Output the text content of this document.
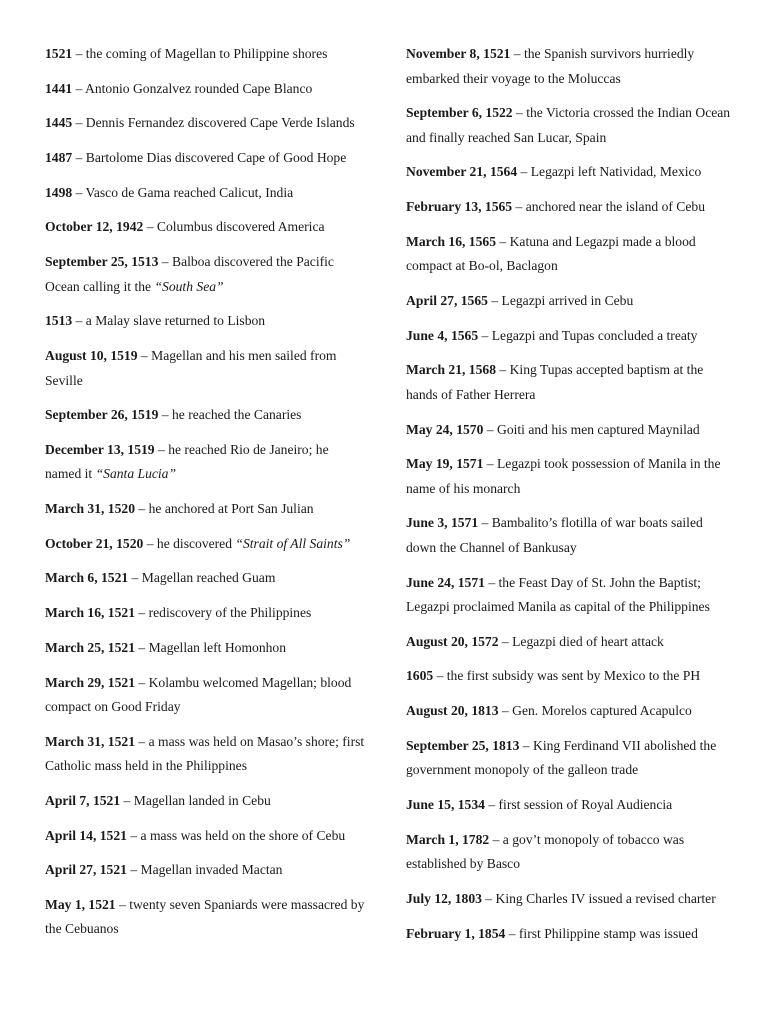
1521 – the coming of Magellan to Philippine shores

1441 – Antonio Gonzalvez rounded Cape Blanco

1445 – Dennis Fernandez discovered Cape Verde Islands

1487 – Bartolome Dias discovered Cape of Good Hope

1498 – Vasco de Gama reached Calicut, India

October 12, 1942 – Columbus discovered America

September 25, 1513 – Balboa discovered the Pacific Ocean calling it the “South Sea”

1513 – a Malay slave returned to Lisbon

August 10, 1519 – Magellan and his men sailed from Seville

September 26, 1519 – he reached the Canaries

December 13, 1519 – he reached Rio de Janeiro; he named it “Santa Lucia”

March 31, 1520 – he anchored at Port San Julian

October 21, 1520 – he discovered “Strait of All Saints”

March 6, 1521 – Magellan reached Guam

March 16, 1521 – rediscovery of the Philippines

March 25, 1521 – Magellan left Homonhon

March 29, 1521 – Kolambu welcomed Magellan; blood compact on Good Friday

March 31, 1521 – a mass was held on Masao’s shore; first Catholic mass held in the Philippines

April 7, 1521 – Magellan landed in Cebu

April 14, 1521 – a mass was held on the shore of Cebu

April 27, 1521 – Magellan invaded Mactan

May 1, 1521 – twenty seven Spaniards were massacred by the Cebuanos

November 8, 1521 – the Spanish survivors hurriedly embarked their voyage to the Moluccas

September 6, 1522 – the Victoria crossed the Indian Ocean and finally reached San Lucar, Spain

November 21, 1564 – Legazpi left Natividad, Mexico

February 13, 1565 – anchored near the island of Cebu

March 16, 1565 – Katuna and Legazpi made a blood compact at Bo-ol, Baclagon

April 27, 1565 – Legazpi arrived in Cebu

June 4, 1565 – Legazpi and Tupas concluded a treaty

March 21, 1568 – King Tupas accepted baptism at the hands of Father Herrera

May 24, 1570 – Goiti and his men captured Maynilad

May 19, 1571 – Legazpi took possession of Manila in the name of his monarch

June 3, 1571 – Bambalito’s flotilla of war boats sailed down the Channel of Bankusay

June 24, 1571 – the Feast Day of St. John the Baptist; Legazpi proclaimed Manila as capital of the Philippines

August 20, 1572 – Legazpi died of heart attack

1605 – the first subsidy was sent by Mexico to the PH

August 20, 1813 – Gen. Morelos captured Acapulco

September 25, 1813 – King Ferdinand VII abolished the government monopoly of the galleon trade

June 15, 1534 – first session of Royal Audiencia

March 1, 1782 – a gov’t monopoly of tobacco was established by Basco

July 12, 1803 – King Charles IV issued a revised charter

February 1, 1854 – first Philippine stamp was issued
